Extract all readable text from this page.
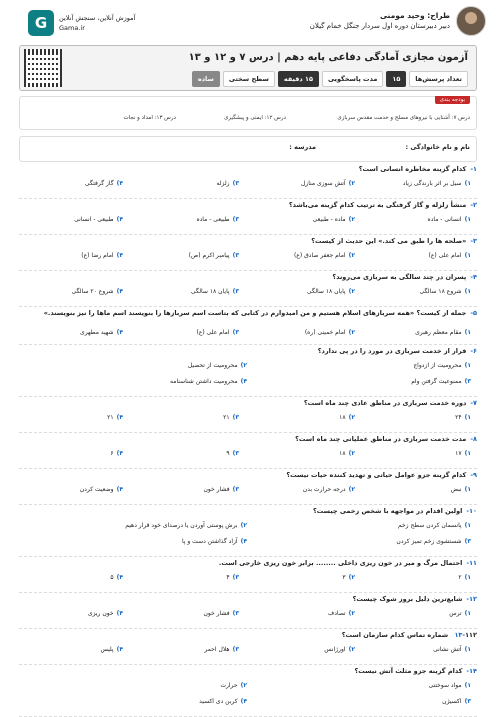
طراح: وحید مومنی
دبیر دبیرستان دوره اول سردار جنگل خمام گیلان
G	آموزش آنلاین، سنجش آنلاین
Gama.ir
آزمون مجازی آمادگی دفاعی پایه دهم | درس ۷ و ۱۲ و ۱۳
تعداد پرسش‌ها
۱۵
مدت پاسخگویی
۱۵ دقیقه
سطح سختی
ساده
بودجه بندی
درس ۷: آشنایی با نیروهای مسلح و خدمت مقدس سربازی
درس ۱۲: ایمنی و پیشگیری
درس ۱۳: امداد و نجات
نام و نام خانوادگی :
مدرسه :
۱-کدام گزینه مخاطره انسانی است؟
۱)سیل بر اثر بارندگی زیاد
۲)آتش سوزی منازل
۳)زلزله
۴)گاز گرفتگی
۲-منشأ زلزله و گاز گرفتگی به ترتیب کدام گزینه می‌باشد؟
۱)انسانی - ماده
۲)ماده - طبیعی
۳)طبیعی - ماده
۴)طبیعی - انسانی
۳-«صلحه ها را طبق می کند.» این حدیث از کیست؟
۱)امام علی (ع)
۲)امام جعفر صادق (ع)
۳)پیامبر اکرم (ص)
۴)امام رضا (ع)
۴-پسران در چند سالگی به سربازی می‌روند؟
۱)شروع ۱۸ سالگی
۲)پایان ۱۸ سالگی
۳)پایان ۱۸ سالگی
۴)شروع ۲۰ سالگی
۵-جمله از کیست؟ «همه سربازهای اسلام هستیم و من امیدوارم در کتابی که بتاست اسم سربازها را بنویسند اسم ماها را نیز بنویسند.»
۱)مقام معظم رهبری
۲)امام خمینی (ره)
۳)امام علی (ع)
۴)شهید مطهری
۶-فرار از خدمت سربازی در مورد را در پی ندارد؟
۱)محرومیت از ازدواج
۲)محرومیت از تحصیل
۳)ممنوعیت گرفتن وام
۴)محرومیت داشتن شناسنامه
۷-دوره خدمت سربازی در مناطق عادی چند ماه است؟
۱)۲۴
۲)۱۸
۳)۲۱
۴)۲۱
۸-مدت خدمت سربازی در مناطق عملیاتی چند ماه است؟
۱)۱۷
۲)۱۸
۳)۹
۴)۶
۹-کدام گزینه جزو عوامل حیاتی و تهدید کننده حیات نیست؟
۱)نبض
۲)درجه حرارت بدن
۳)فشار خون
۴)وضعیت کردن
۱۰-اولین اقدام در مواجهه با شخص زخمی چیست؟
۱)پانسمان کردن سطح زخم
۲)برش پوستی آوردن یا درصدای خود قرار دهیم
۳)شستشوی زخم تمیز کردن
۴)آزاد گذاشتن دست و پا
۱۱-احتمال مرگ و میر در خون ریزی داخلی ........ برابر خون ریزی خارجی است.
۱)۲
۲)۳
۳)۴
۴)۵
۱۲-شایع‌ترین دلیل بروز شوک چیست؟
۱)ترس
۲)تصادف
۳)فشار خون
۴)خون ریزی
۱۳-۱۱۲ شماره تماس کدام سازمان است؟
۱)آتش نشانی
۲)اورژانس
۳)هلال احمر
۴)پلیس
۱۴-کدام گزینه جزو مثلث آتش نیست؟
۱)مواد سوختنی
۲)حرارت
۳)اکسیژن
۴)کربن دی اکسید
